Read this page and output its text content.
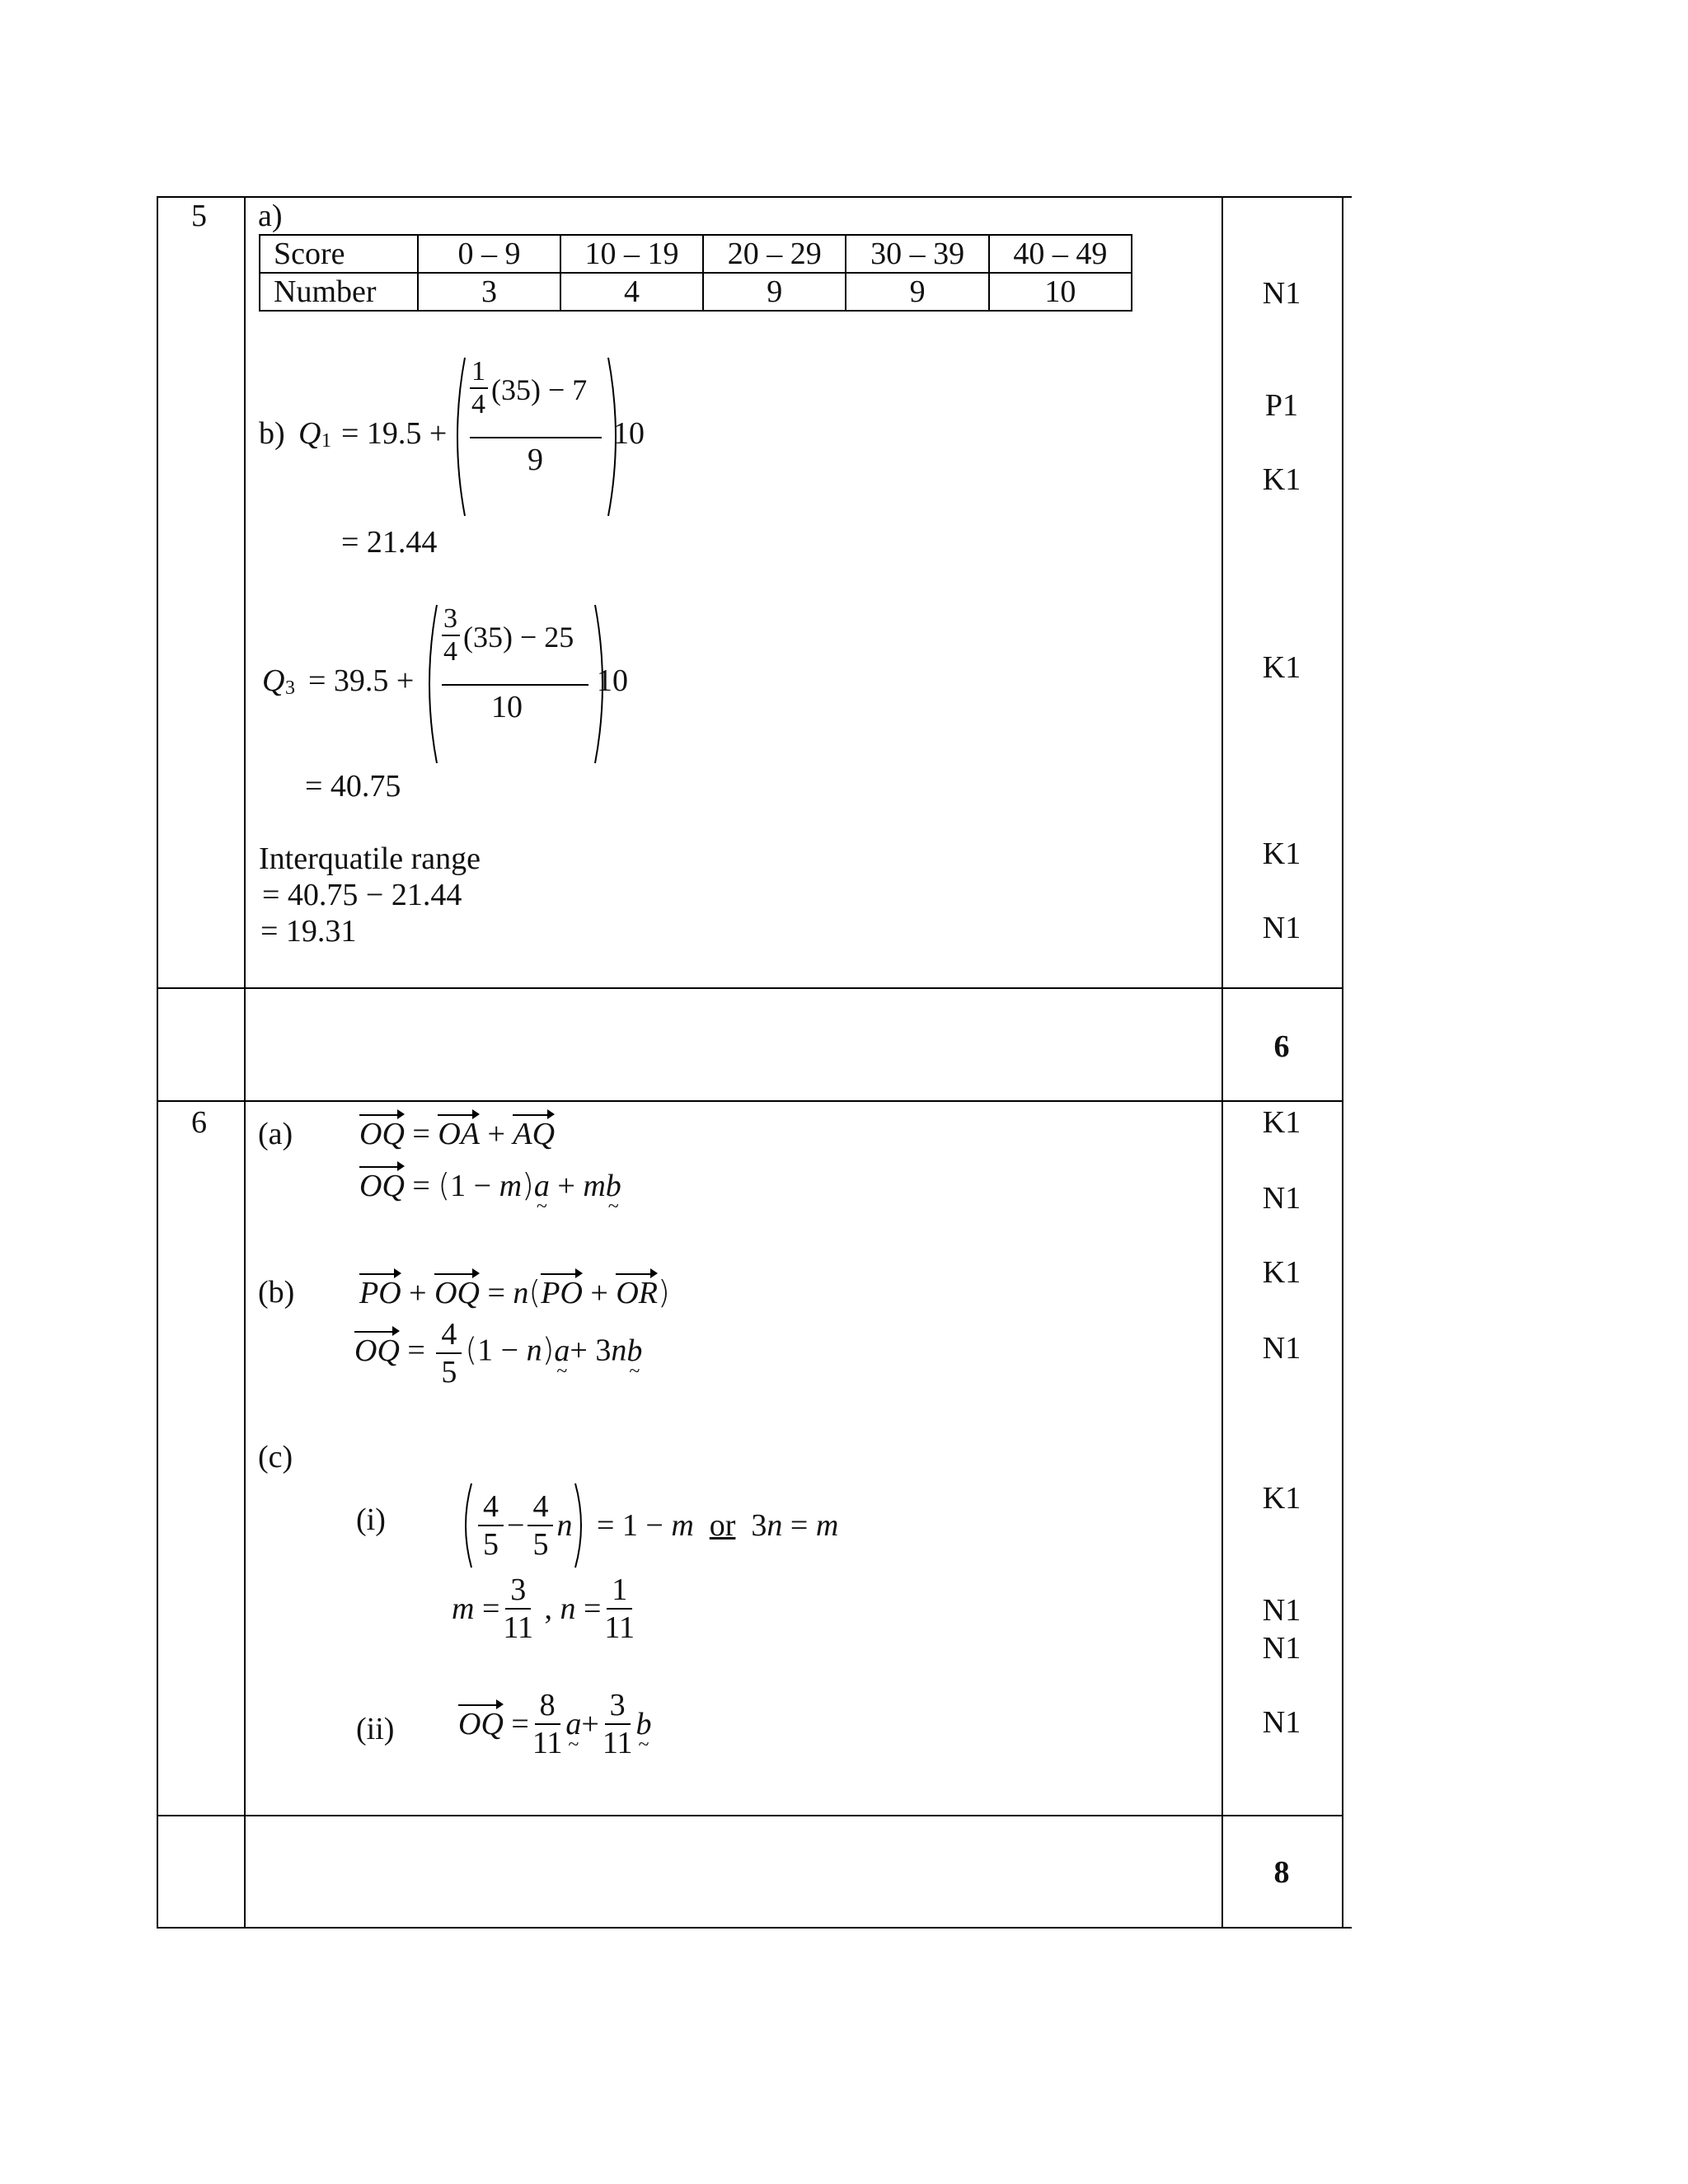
5 a)
Score	0 – 9	10 – 19	20 – 29	30 – 39	40 – 49
Number	3	4	9	9	10
b) Q 1 = 19.5 +
1
4 (35) − 7
9
10
= 21.44
Q 3 = 39.5 +
3
4 (35) − 25
10
10
= 40.75
Interquatile range
= 40.75 − 21.44
= 19.31
N1
P1
K1
K1
K1
N1
6
6 (a) OQ = OA + AQ
OQ = (1 − m)a ~ + mb ~
(b) PO + OQ = n(PO + OR)
OQ = $\frac{4}{5} (1 - n)a$ ~+ 3nb ~
(c)
(i)	$\frac{4}{5} - \frac{4}{5}$ n = 1 − m or  3n = m
$m = \frac{3}{11}$ , $n = \frac{1}{11}$
(ii) OQ = $\frac{8}{11}$ a ~ + $\frac{3}{11}$ b ~
K1
N1
K1
N1
K1
N1
N1
N1
8
